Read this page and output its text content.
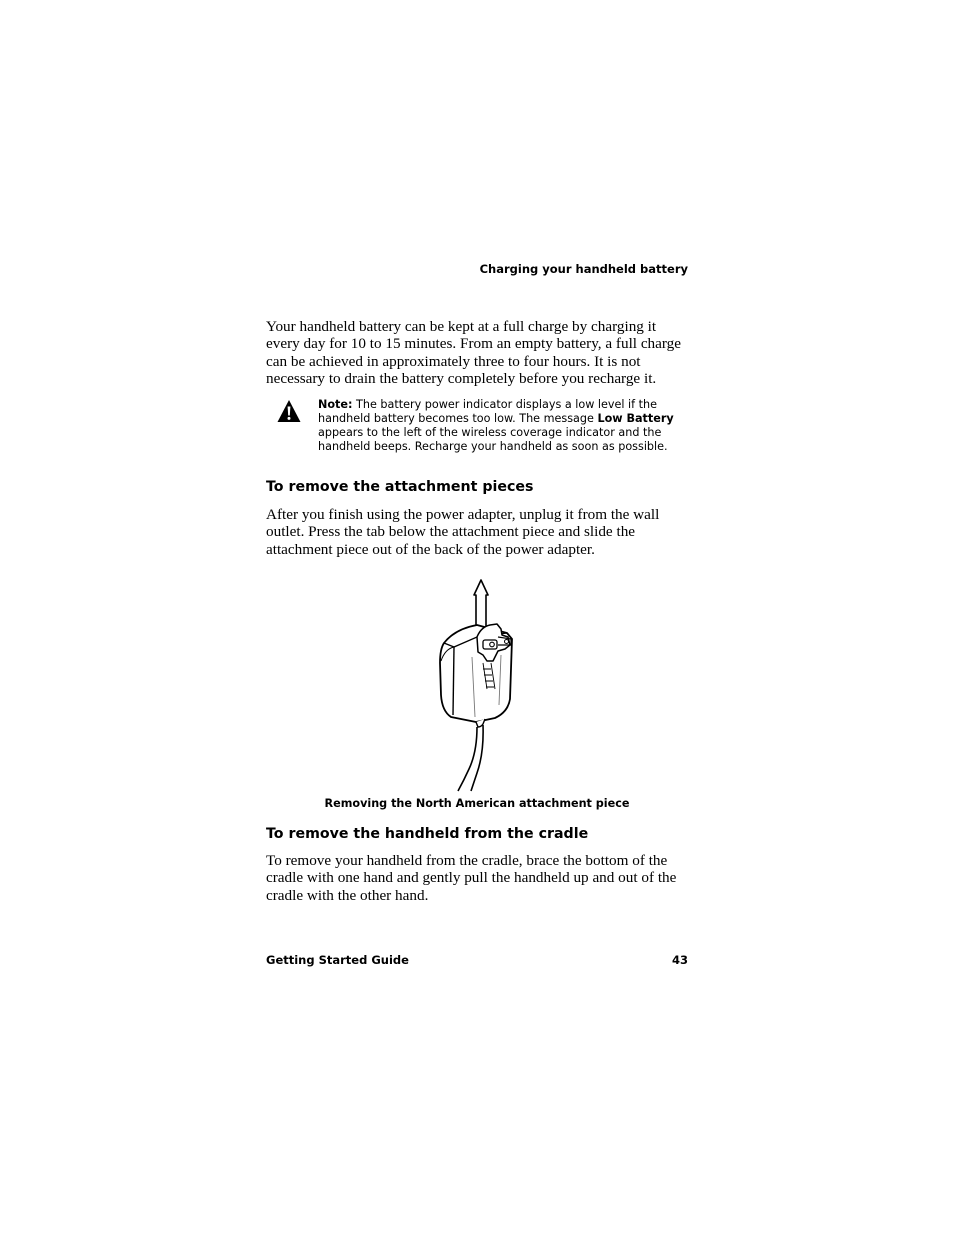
Charging your handheld battery

Your handheld battery can be kept at a full charge by charging it every day for 10 to 15 minutes. From an empty battery, a full charge can be achieved in approximately three to four hours. It is not necessary to drain the battery completely before you recharge it.

Note: The battery power indicator displays a low level if the handheld battery becomes too low. The message Low Battery appears to the left of the wireless coverage indicator and the handheld beeps. Recharge your handheld as soon as possible.

To remove the attachment pieces

After you finish using the power adapter, unplug it from the wall outlet. Press the tab below the attachment piece and slide the attachment piece out of the back of the power adapter.

Removing the North American attachment piece
To remove the handheld from the cradle

To remove your handheld from the cradle, brace the bottom of the cradle with one hand and gently pull the handheld up and out of the cradle with the other hand.

Getting Started Guide	43
